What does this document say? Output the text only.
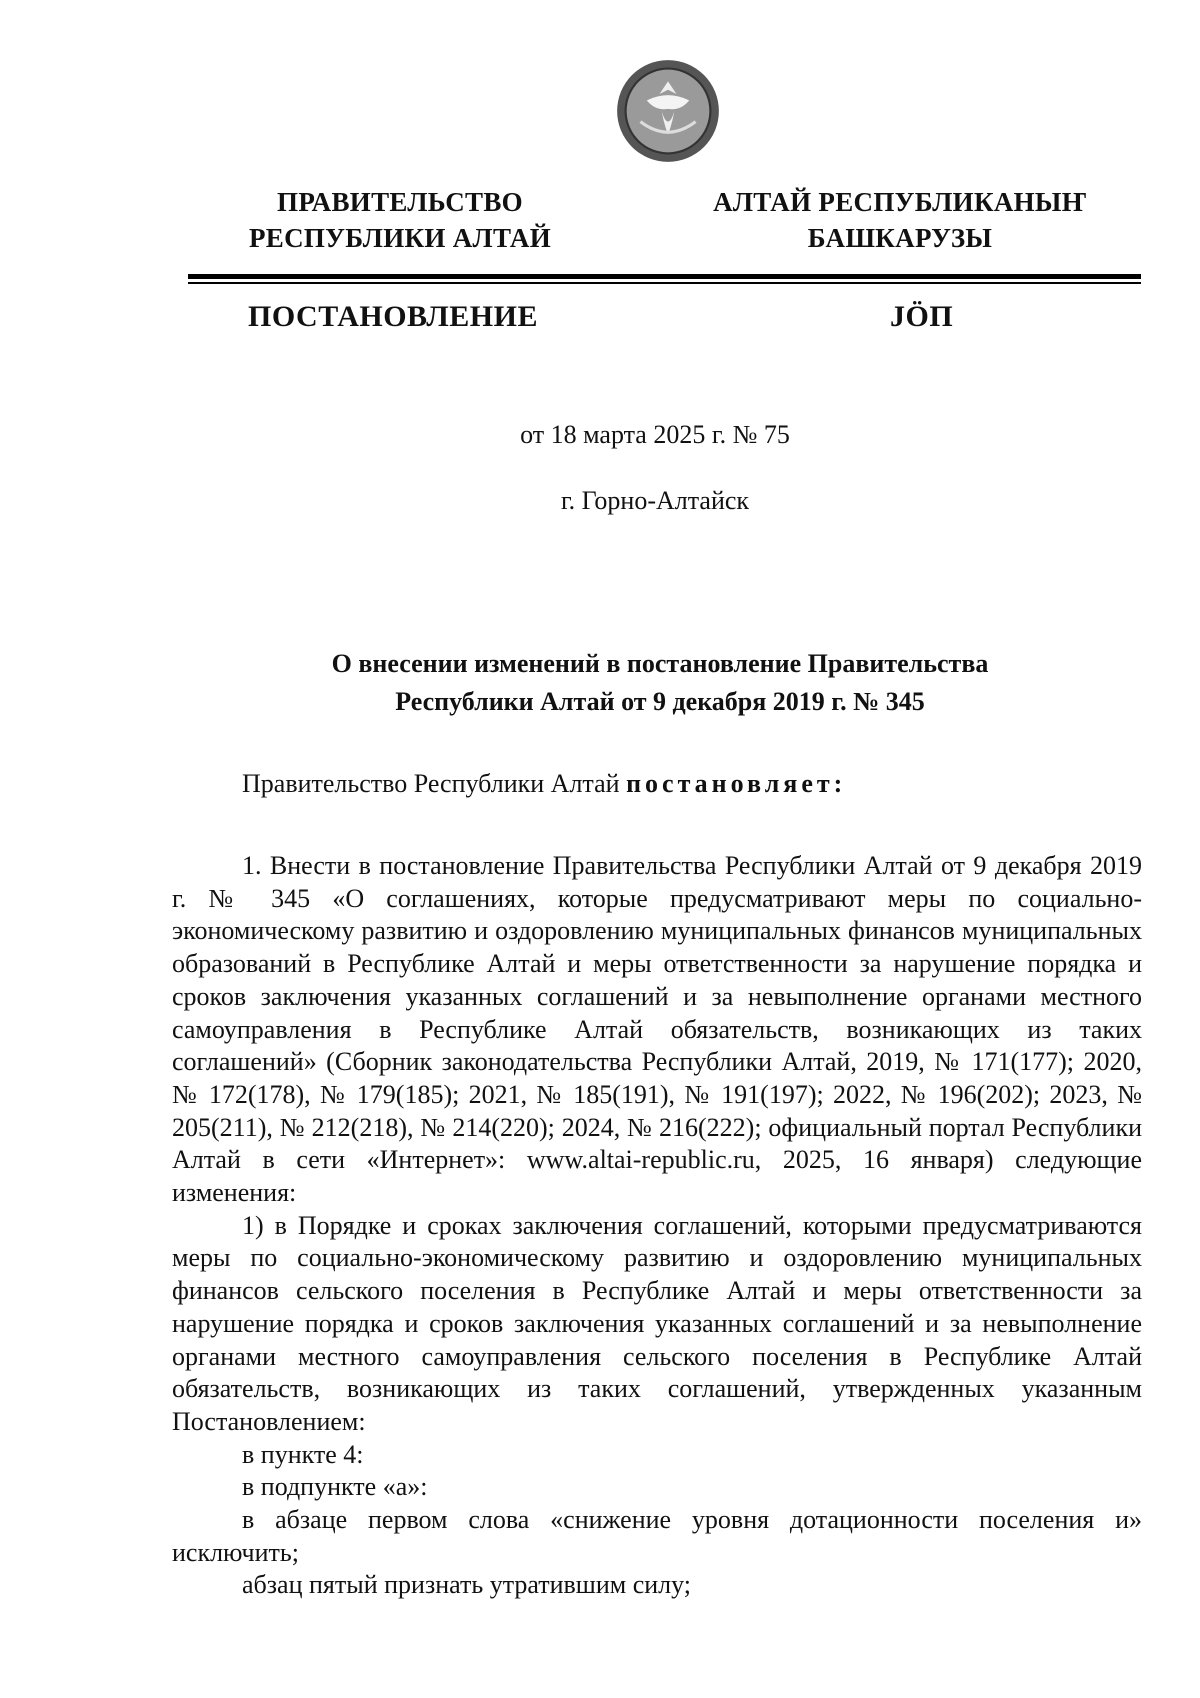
ПРАВИТЕЛЬСТВО
РЕСПУБЛИКИ АЛТАЙ
АЛТАЙ РЕСПУБЛИКАНЫҤ
БАШКАРУЗЫ
ПОСТАНОВЛЕНИЕ	JӦП
от 18 марта 2025 г. № 75
г. Горно-Алтайск
О внесении изменений в постановление Правительства
Республики Алтай от 9 декабря 2019 г. № 345

Правительство Республики Алтай постановляет:

1. Внести в постановление Правительства Республики Алтай от 9 декабря 2019 г. № 345 «О соглашениях, которые предусматривают меры по социально-экономическому развитию и оздоровлению муниципальных финансов муниципальных образований в Республике Алтай и меры ответственности за нарушение порядка и сроков заключения указанных соглашений и за невыполнение органами местного самоуправления в Республике Алтай обязательств, возникающих из таких соглашений» (Сборник законодательства Республики Алтай, 2019, № 171(177); 2020, № 172(178), № 179(185); 2021, № 185(191), № 191(197); 2022, № 196(202); 2023, № 205(211), № 212(218), № 214(220); 2024, № 216(222); официальный портал Республики Алтай в сети «Интернет»: www.altai-republic.ru, 2025, 16 января) следующие изменения:

1) в Порядке и сроках заключения соглашений, которыми предусматриваются меры по социально-экономическому развитию и оздоровлению муниципальных финансов сельского поселения в Республике Алтай и меры ответственности за нарушение порядка и сроков заключения указанных соглашений и за невыполнение органами местного самоуправления сельского поселения в Республике Алтай обязательств, возникающих из таких соглашений, утвержденных указанным Постановлением:

в пункте 4:

в подпункте «а»:

в абзаце первом слова «снижение уровня дотационности поселения и» исключить;

абзац пятый признать утратившим силу;
